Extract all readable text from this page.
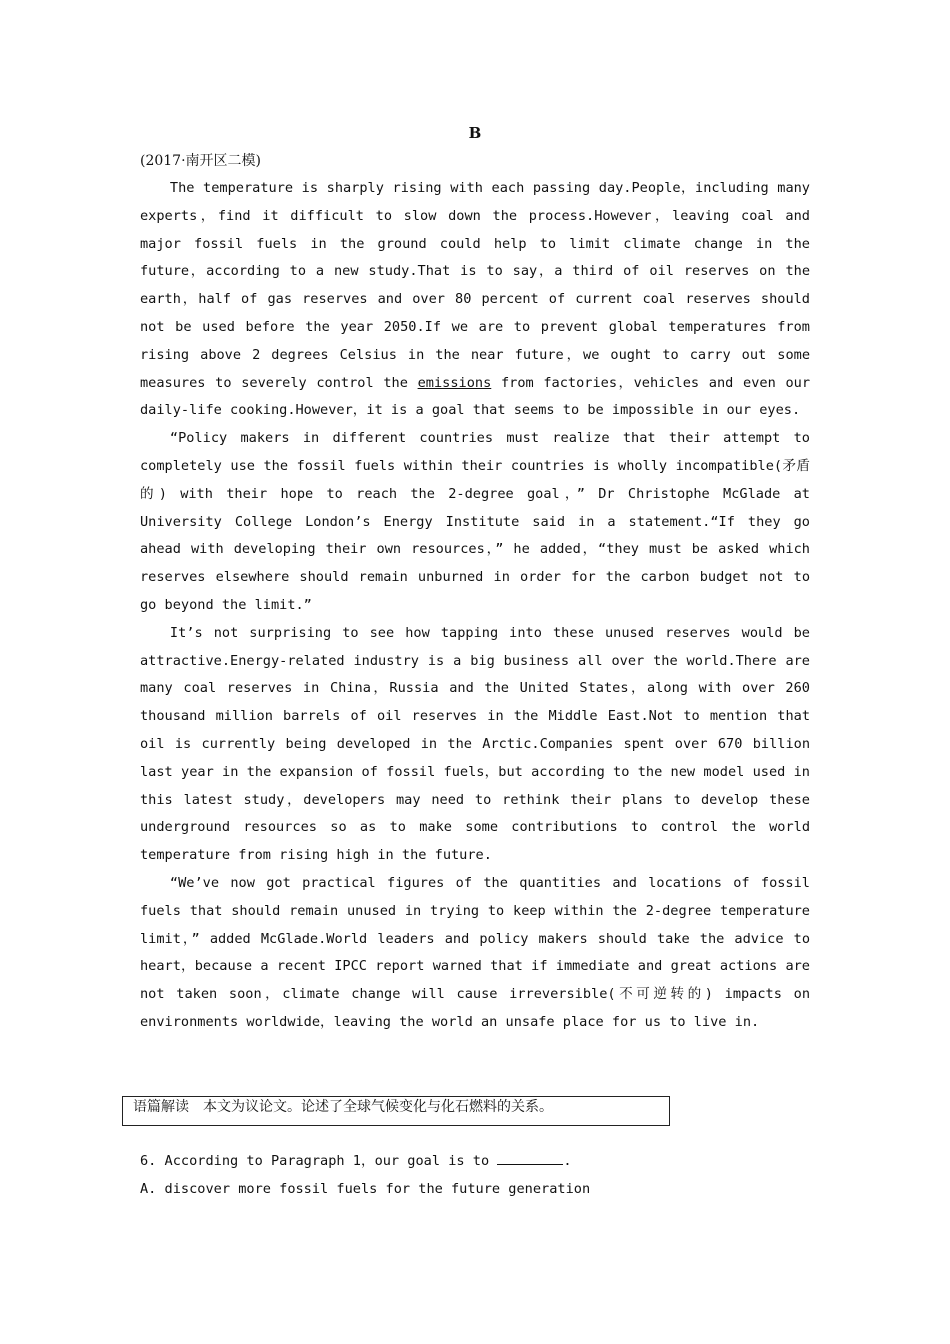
B
(2017·南开区二模)

The temperature is sharply rising with each passing day.People，including many experts，find it difficult to slow down the process.However，leaving coal and major fossil fuels in the ground could help to limit climate change in the future，according to a new study.That is to say，a third of oil reserves on the earth，half of gas reserves and over 80 percent of current coal reserves should not be used before the year 2050.If we are to prevent global temperatures from rising above 2 degrees Celsius in the near future，we ought to carry out some measures to severely control the emissions from factories，vehicles and even our daily-life cooking.However，it is a goal that seems to be impossible in our eyes.

“Policy makers in different countries must realize that their attempt to completely use the fossil fuels within their countries is wholly incompatible(矛盾的) with their hope to reach the 2-degree goal，” Dr Christophe McGlade at University College London’s Energy Institute said in a statement.“If they go ahead with developing their own resources，” he added，“they must be asked which reserves elsewhere should remain unburned in order for the carbon budget not to go beyond the limit.”

It’s not surprising to see how tapping into these unused reserves would be attractive.Energy-related industry is a big business all over the world.There are many coal reserves in China，Russia and the United States，along with over 260 thousand million barrels of oil reserves in the Middle East.Not to mention that oil is currently being developed in the Arctic.Companies spent over 670 billion last year in the expansion of fossil fuels，but according to the new model used in this latest study，developers may need to rethink their plans to develop these underground resources so as to make some contributions to control the world temperature from rising high in the future.

“We’ve now got practical figures of the quantities and locations of fossil fuels that should remain unused in trying to keep within the 2-degree temperature limit，” added McGlade.World leaders and policy makers should take the advice to heart，because a recent IPCC report warned that if immediate and great actions are not taken soon，climate change will cause irreversible(不可逆转的) impacts on environments worldwide，leaving the world an unsafe place for us to live in.

语篇解读 本文为议论文。论述了全球气候变化与化石燃料的关系。

6. According to Paragraph 1，our goal is to	.

A. discover more fossil fuels for the future generation
